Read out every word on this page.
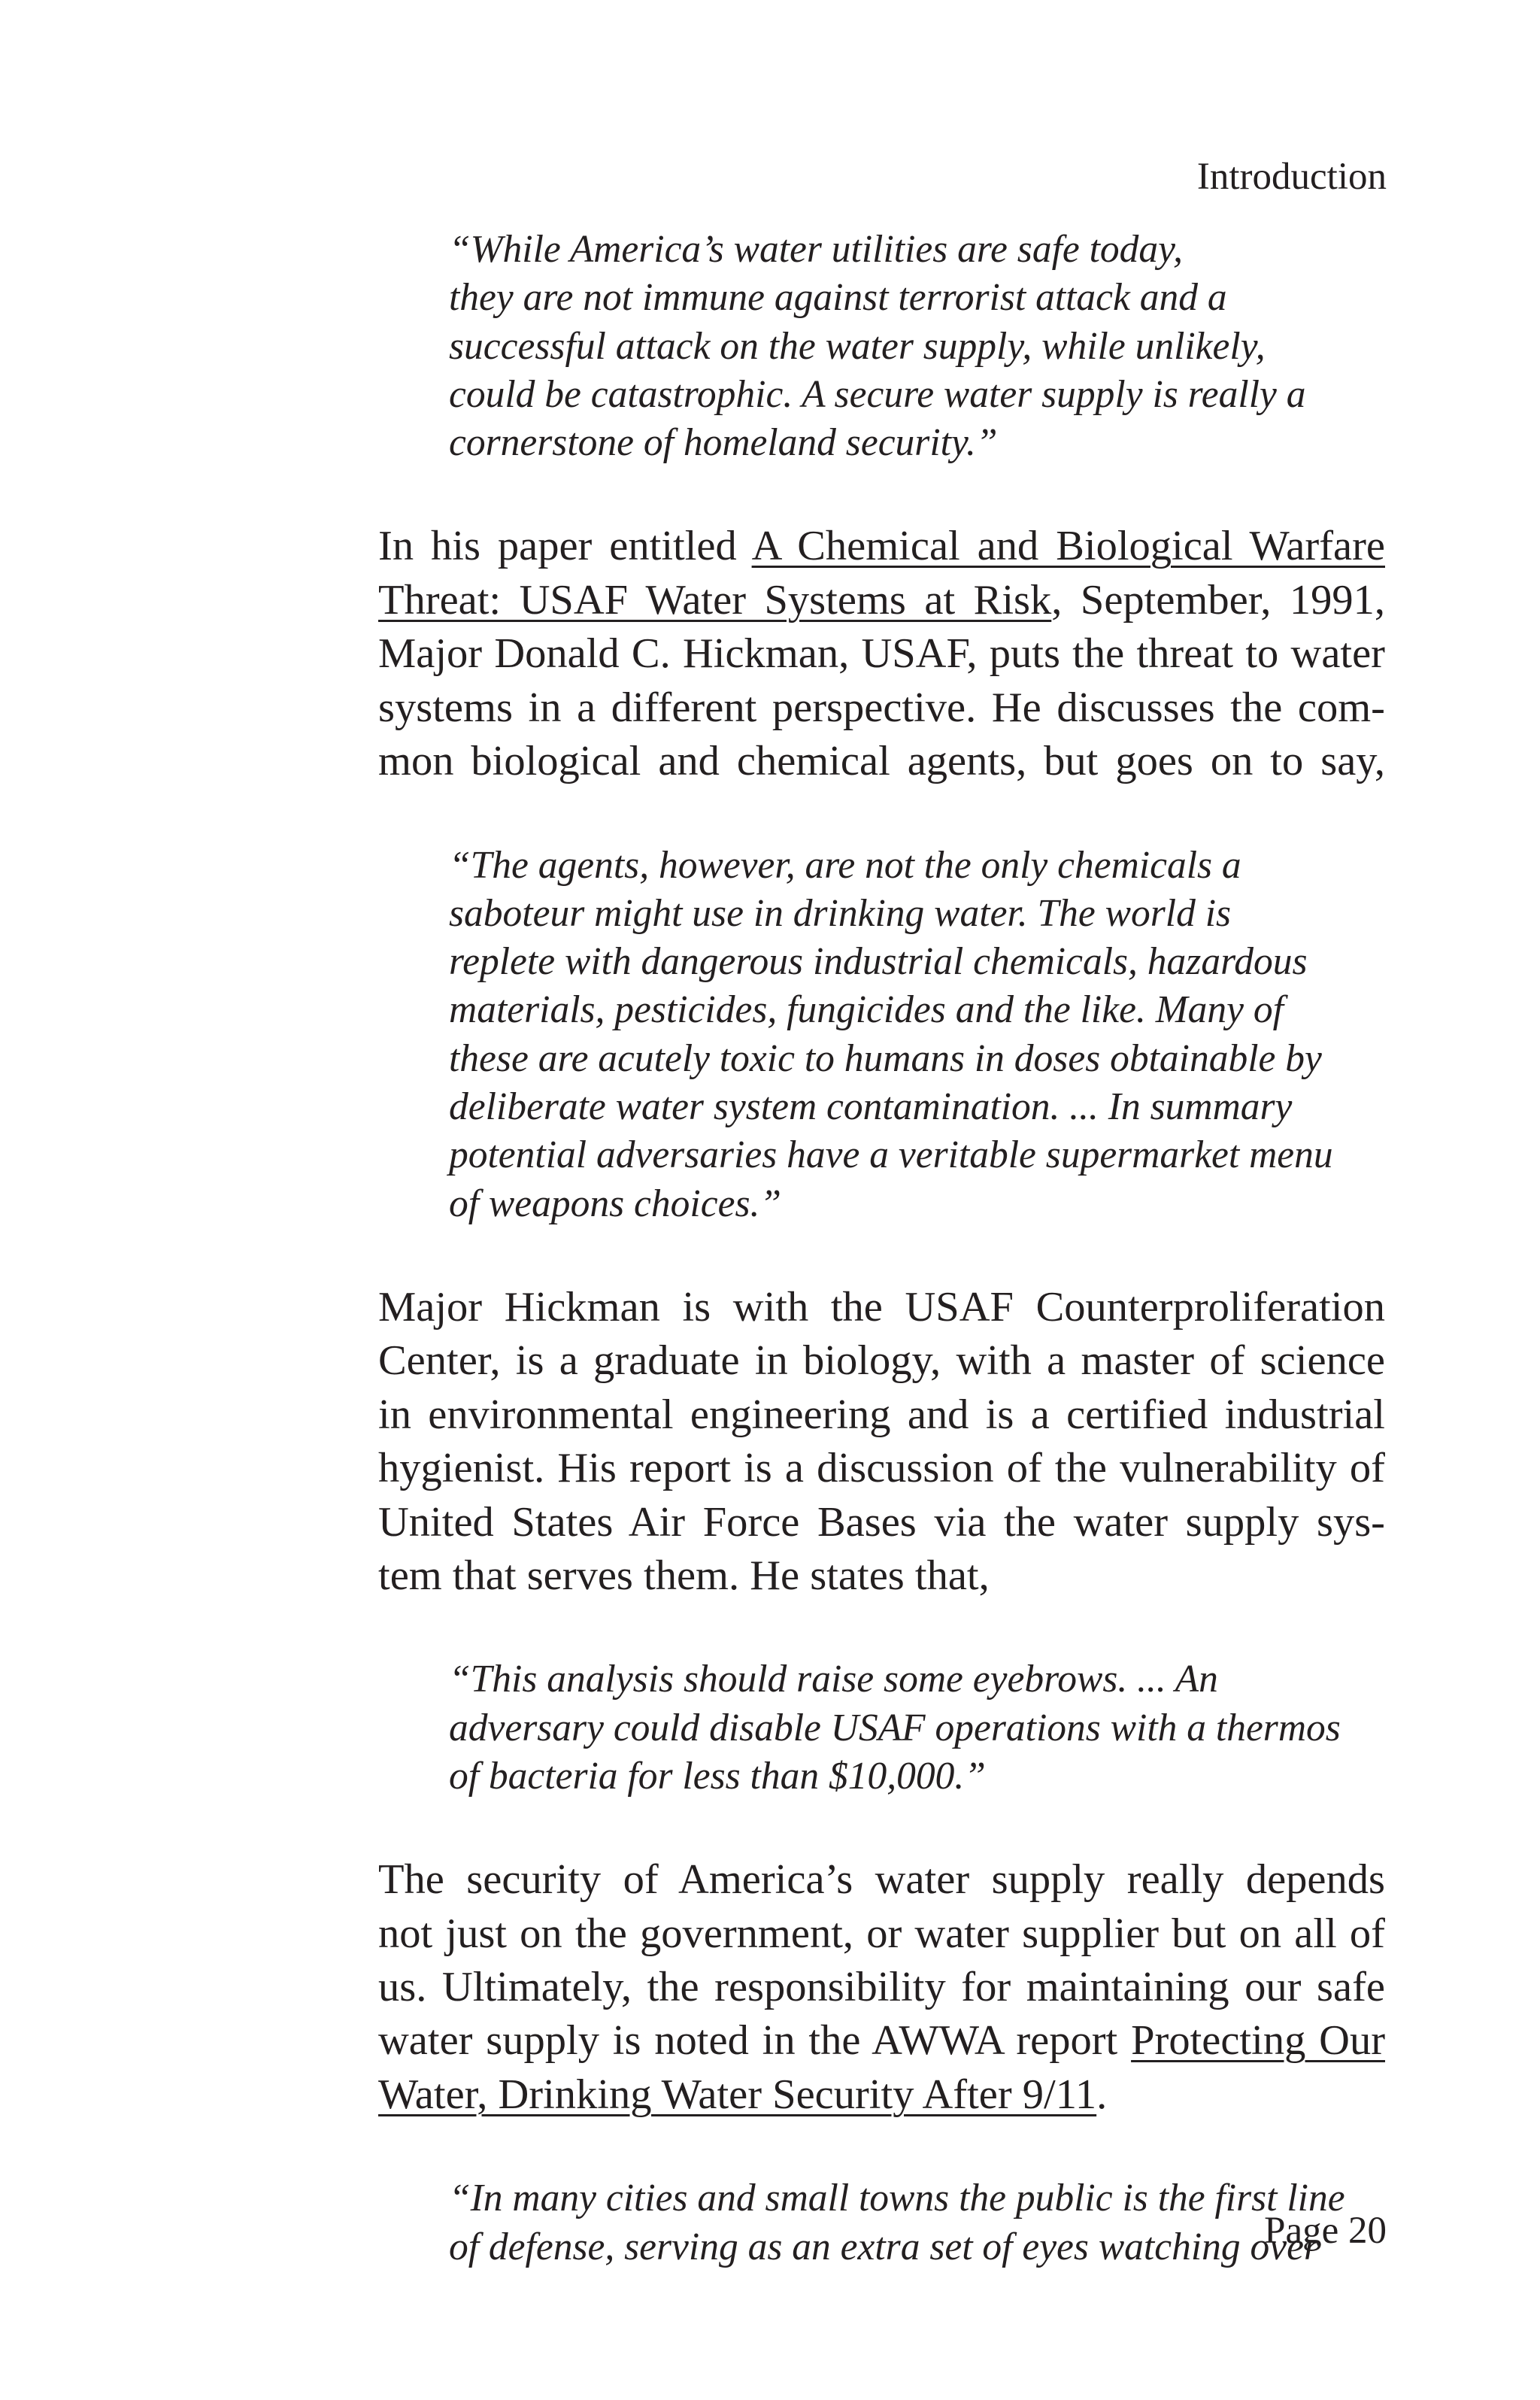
Introduction
“While America’s water utilities are safe today,
they are not immune against terrorist attack and a
successful attack on the water supply, while unlikely,
could be catastrophic. A secure water supply is really a
cornerstone of homeland security.”
In his paper entitled A Chemical and Biological Warfare
Threat: USAF Water Systems at Risk, September, 1991,
Major Donald C. Hickman, USAF, puts the threat to water
systems in a different perspective. He discusses the com-
mon biological and chemical agents, but goes on to say,
“The agents, however, are not the only chemicals a
saboteur might use in drinking water. The world is
replete with dangerous industrial chemicals, hazardous
materials, pesticides, fungicides and the like. Many of
these are acutely toxic to humans in doses obtainable by
deliberate water system contamination. ... In summary
potential adversaries have a veritable supermarket menu
of weapons choices.”
Major Hickman is with the USAF Counterproliferation
Center, is a graduate in biology, with a master of science
in environmental engineering and is a certified industrial
hygienist. His report is a discussion of the vulnerability of
United States Air Force Bases via the water supply sys-
tem that serves them. He states that,
“This analysis should raise some eyebrows. ... An
adversary could disable USAF operations with a thermos
of bacteria for less than $10,000.”
The security of America’s water supply really depends
not just on the government, or water supplier but on all of
us. Ultimately, the responsibility for maintaining our safe
water supply is noted in the AWWA report Protecting Our
Water, Drinking Water Security After 9/11.
“In many cities and small towns the public is the first line
of defense, serving as an extra set of eyes watching over
Page 20
